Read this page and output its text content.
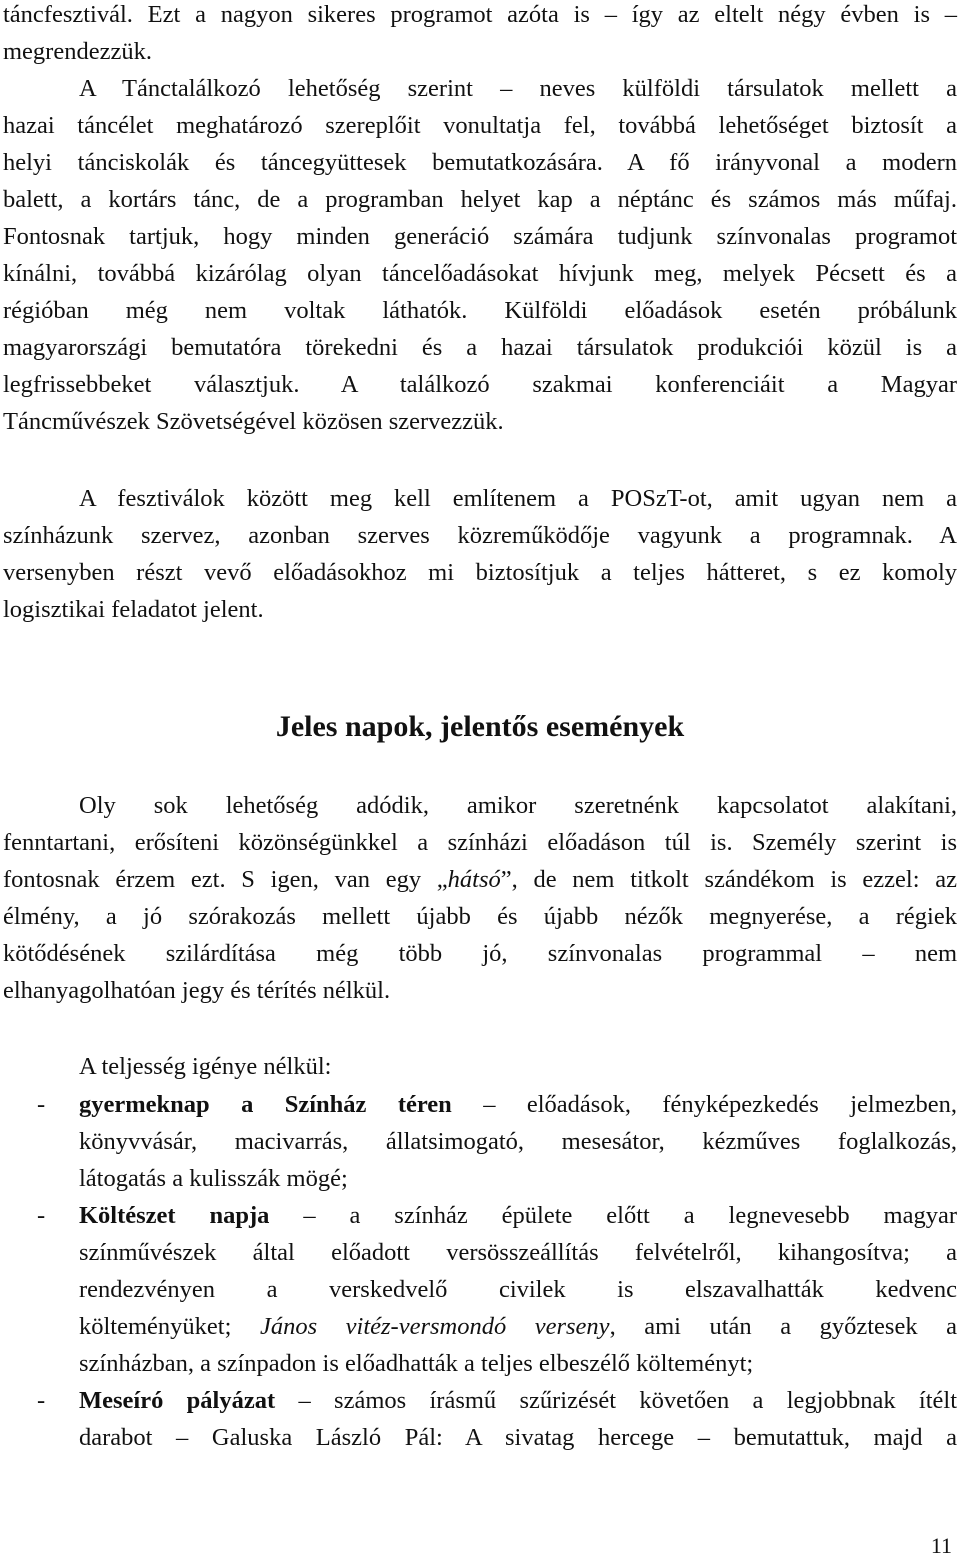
táncfesztivál. Ezt a nagyon sikeres programot azóta is – így az eltelt négy évben is –
megrendezzük.
A Tánctalálkozó lehetőség szerint – neves külföldi társulatok mellett a
hazai táncélet meghatározó szereplőit vonultatja fel, továbbá lehetőséget biztosít a
helyi tánciskolák és táncegyüttesek bemutatkozására. A fő irányvonal a modern
balett, a kortárs tánc, de a programban helyet kap a néptánc és számos más műfaj.
Fontosnak tartjuk, hogy minden generáció számára tudjunk színvonalas programot
kínálni, továbbá kizárólag olyan táncelőadásokat hívjunk meg, melyek Pécsett és a
régióban még nem voltak láthatók. Külföldi előadások esetén próbálunk
magyarországi bemutatóra törekedni és a hazai társulatok produkciói közül is a
legfrissebbeket választjuk. A találkozó szakmai konferenciáit a Magyar
Táncművészek Szövetségével közösen szervezzük.
A fesztiválok között meg kell említenem a POSzT-ot, amit ugyan nem a
színházunk szervez, azonban szerves közreműködője vagyunk a programnak. A
versenyben részt vevő előadásokhoz mi biztosítjuk a teljes hátteret, s ez komoly
logisztikai feladatot jelent.
Jeles napok, jelentős események
Oly sok lehetőség adódik, amikor szeretnénk kapcsolatot alakítani,
fenntartani, erősíteni közönségünkkel a színházi előadáson túl is. Személy szerint is
fontosnak érzem ezt. S igen, van egy „hátsó”, de nem titkolt szándékom is ezzel: az
élmény, a jó szórakozás mellett újabb és újabb nézők megnyerése, a régiek
kötődésének szilárdítása még több jó, színvonalas programmal – nem
elhanyagolhatóan jegy és térítés nélkül.
A teljesség igénye nélkül:
-	gyermeknap a Színház téren – előadások, fényképezkedés jelmezben,
könyvvásár, macivarrás, állatsimogató, mesesátor, kézműves foglalkozás,
látogatás a kulisszák mögé;
-	Költészet napja – a színház épülete előtt a legnevesebb magyar
színművészek által előadott versösszeállítás felvételről, kihangosítva; a
rendezvényen a verskedvelő civilek is elszavalhatták kedvenc
költeményüket; János vitéz-versmondó verseny, ami után a győztesek a
színházban, a színpadon is előadhatták a teljes elbeszélő költeményt;
-	Meseíró pályázat – számos írásmű szűrizését követően a legjobbnak ítélt
darabot – Galuska László Pál: A sivatag hercege – bemutattuk, majd a
11
